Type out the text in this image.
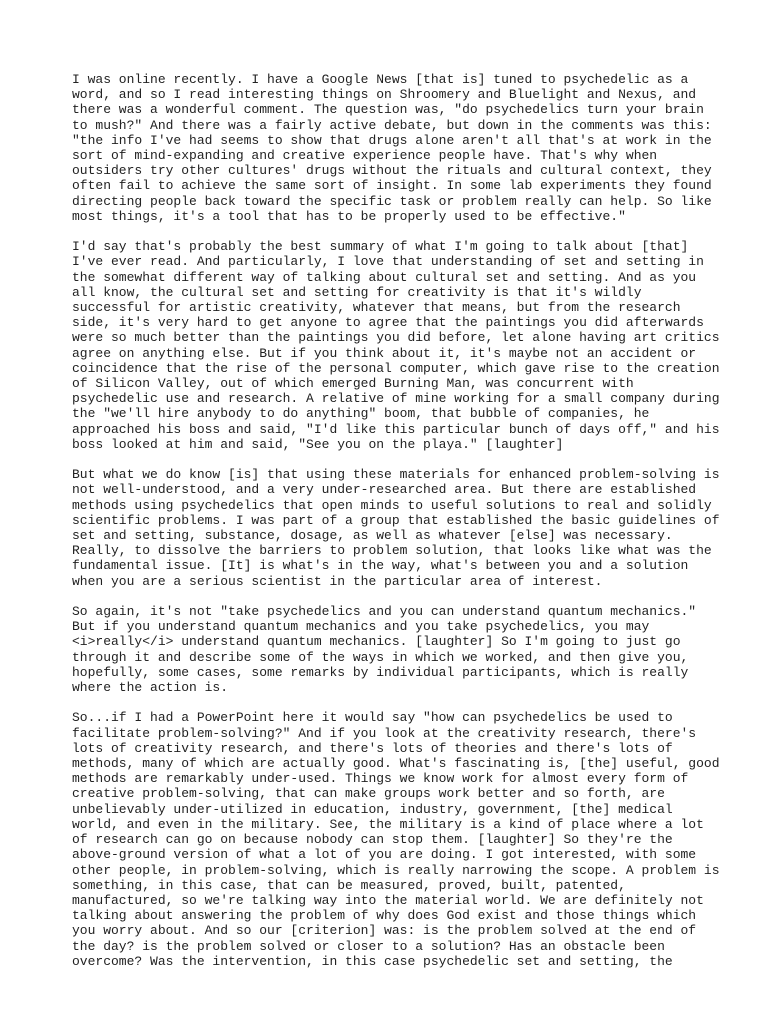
I was online recently. I have a Google News [that is] tuned to psychedelic as a
word, and so I read interesting things on Shroomery and Bluelight and Nexus, and
there was a wonderful comment. The question was, "do psychedelics turn your brain
to mush?" And there was a fairly active debate, but down in the comments was this:
"the info I've had seems to show that drugs alone aren't all that's at work in the
sort of mind-expanding and creative experience people have. That's why when
outsiders try other cultures' drugs without the rituals and cultural context, they
often fail to achieve the same sort of insight. In some lab experiments they found
directing people back toward the specific task or problem really can help. So like
most things, it's a tool that has to be properly used to be effective."
I'd say that's probably the best summary of what I'm going to talk about [that]
I've ever read. And particularly, I love that understanding of set and setting in
the somewhat different way of talking about cultural set and setting. And as you
all know, the cultural set and setting for creativity is that it's wildly
successful for artistic creativity, whatever that means, but from the research
side, it's very hard to get anyone to agree that the paintings you did afterwards
were so much better than the paintings you did before, let alone having art critics
agree on anything else. But if you think about it, it's maybe not an accident or
coincidence that the rise of the personal computer, which gave rise to the creation
of Silicon Valley, out of which emerged Burning Man, was concurrent with
psychedelic use and research. A relative of mine working for a small company during
the "we'll hire anybody to do anything" boom, that bubble of companies, he
approached his boss and said, "I'd like this particular bunch of days off," and his
boss looked at him and said, "See you on the playa." [laughter]
But what we do know [is] that using these materials for enhanced problem-solving is
not well-understood, and a very under-researched area. But there are established
methods using psychedelics that open minds to useful solutions to real and solidly
scientific problems. I was part of a group that established the basic guidelines of
set and setting, substance, dosage, as well as whatever [else] was necessary.
Really, to dissolve the barriers to problem solution, that looks like what was the
fundamental issue. [It] is what's in the way, what's between you and a solution
when you are a serious scientist in the particular area of interest.
So again, it's not "take psychedelics and you can understand quantum mechanics."
But if you understand quantum mechanics and you take psychedelics, you may
<i>really</i> understand quantum mechanics. [laughter] So I'm going to just go
through it and describe some of the ways in which we worked, and then give you,
hopefully, some cases, some remarks by individual participants, which is really
where the action is.
So...if I had a PowerPoint here it would say "how can psychedelics be used to
facilitate problem-solving?" And if you look at the creativity research, there's
lots of creativity research, and there's lots of theories and there's lots of
methods, many of which are actually good. What's fascinating is, [the] useful, good
methods are remarkably under-used. Things we know work for almost every form of
creative problem-solving, that can make groups work better and so forth, are
unbelievably under-utilized in education, industry, government, [the] medical
world, and even in the military. See, the military is a kind of place where a lot
of research can go on because nobody can stop them. [laughter] So they're the
above-ground version of what a lot of you are doing. I got interested, with some
other people, in problem-solving, which is really narrowing the scope. A problem is
something, in this case, that can be measured, proved, built, patented,
manufactured, so we're talking way into the material world. We are definitely not
talking about answering the problem of why does God exist and those things which
you worry about. And so our [criterion] was: is the problem solved at the end of
the day? is the problem solved or closer to a solution? Has an obstacle been
overcome? Was the intervention, in this case psychedelic set and setting, the
